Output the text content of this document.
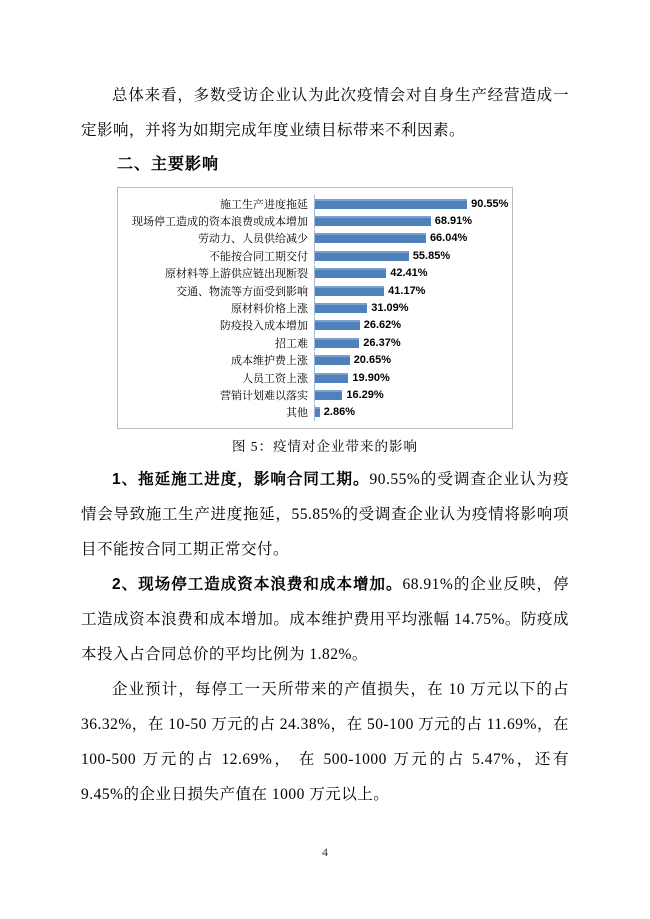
总体来看，多数受访企业认为此次疫情会对自身生产经营造成一定影响，并将为如期完成年度业绩目标带来不利因素。

二、主要影响
施工生产进度拖延	90.55%
现场停工造成的资本浪费或成本增加	68.91%
劳动力、人员供给减少	66.04%
不能按合同工期交付	55.85%
原材料等上游供应链出现断裂	42.41%
交通、物流等方面受到影响	41.17%
原材料价格上涨	31.09%
防疫投入成本增加	26.62%
招工难	26.37%
成本维护费上涨	20.65%
人员工资上涨	19.90%
营销计划难以落实	16.29%
其他	2.86%
图 5：疫情对企业带来的影响

1、拖延施工进度，影响合同工期。90.55%的受调查企业认为疫情会导致施工生产进度拖延，55.85%的受调查企业认为疫情将影响项目不能按合同工期正常交付。

2、现场停工造成资本浪费和成本增加。68.91%的企业反映，停工造成资本浪费和成本增加。成本维护费用平均涨幅 14.75%。防疫成本投入占合同总价的平均比例为 1.82%。

企业预计，每停工一天所带来的产值损失，在 10 万元以下的占 36.32%，在 10-50 万元的占 24.38%，在 50-100 万元的占 11.69%，在 100-500 万元的占 12.69%， 在 500-1000 万元的占 5.47%，还有 9.45%的企业日损失产值在 1000 万元以上。

4
